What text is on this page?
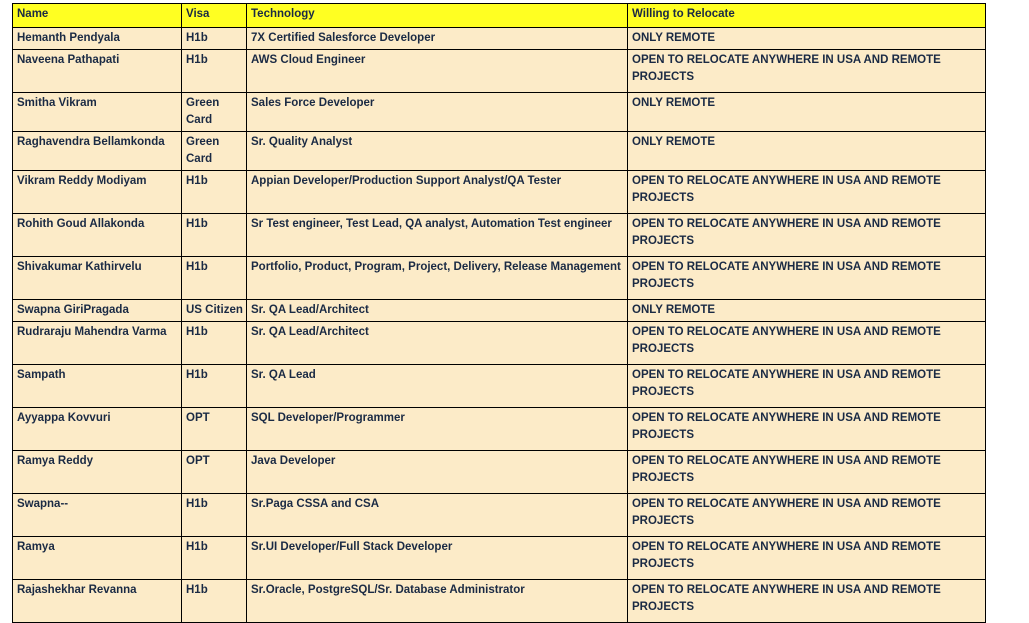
Name	Visa	Technology	Willing to Relocate

Hemanth Pendyala	H1b	7X Certified Salesforce Developer	ONLY REMOTE

Naveena Pathapati	H1b	AWS Cloud Engineer	OPEN TO RELOCATE ANYWHERE IN USA AND REMOTE PROJECTS

Smitha Vikram	Green Card	Sales Force Developer	ONLY REMOTE

Raghavendra Bellamkonda	Green Card	Sr. Quality Analyst	ONLY REMOTE

Vikram Reddy Modiyam	H1b	Appian Developer/Production Support Analyst/QA Tester	OPEN TO RELOCATE ANYWHERE IN USA AND REMOTE PROJECTS

Rohith Goud Allakonda	H1b	Sr Test engineer, Test Lead, QA analyst, Automation Test engineer	OPEN TO RELOCATE ANYWHERE IN USA AND REMOTE PROJECTS

Shivakumar Kathirvelu	H1b	Portfolio, Product, Program, Project, Delivery, Release Management	OPEN TO RELOCATE ANYWHERE IN USA AND REMOTE PROJECTS

Swapna GiriPragada	US Citizen	Sr. QA Lead/Architect	ONLY REMOTE

Rudraraju Mahendra Varma	H1b	Sr. QA Lead/Architect	OPEN TO RELOCATE ANYWHERE IN USA AND REMOTE PROJECTS

Sampath	H1b	Sr. QA Lead	OPEN TO RELOCATE ANYWHERE IN USA AND REMOTE PROJECTS

Ayyappa Kovvuri	OPT	SQL Developer/Programmer	OPEN TO RELOCATE ANYWHERE IN USA AND REMOTE PROJECTS

Ramya Reddy	OPT	Java Developer	OPEN TO RELOCATE ANYWHERE IN USA AND REMOTE PROJECTS

Swapna--	H1b	Sr.Paga CSSA and CSA	OPEN TO RELOCATE ANYWHERE IN USA AND REMOTE PROJECTS

Ramya	H1b	Sr.UI Developer/Full Stack Developer	OPEN TO RELOCATE ANYWHERE IN USA AND REMOTE PROJECTS

Rajashekhar Revanna	H1b	Sr.Oracle, PostgreSQL/Sr. Database Administrator	OPEN TO RELOCATE ANYWHERE IN USA AND REMOTE PROJECTS
